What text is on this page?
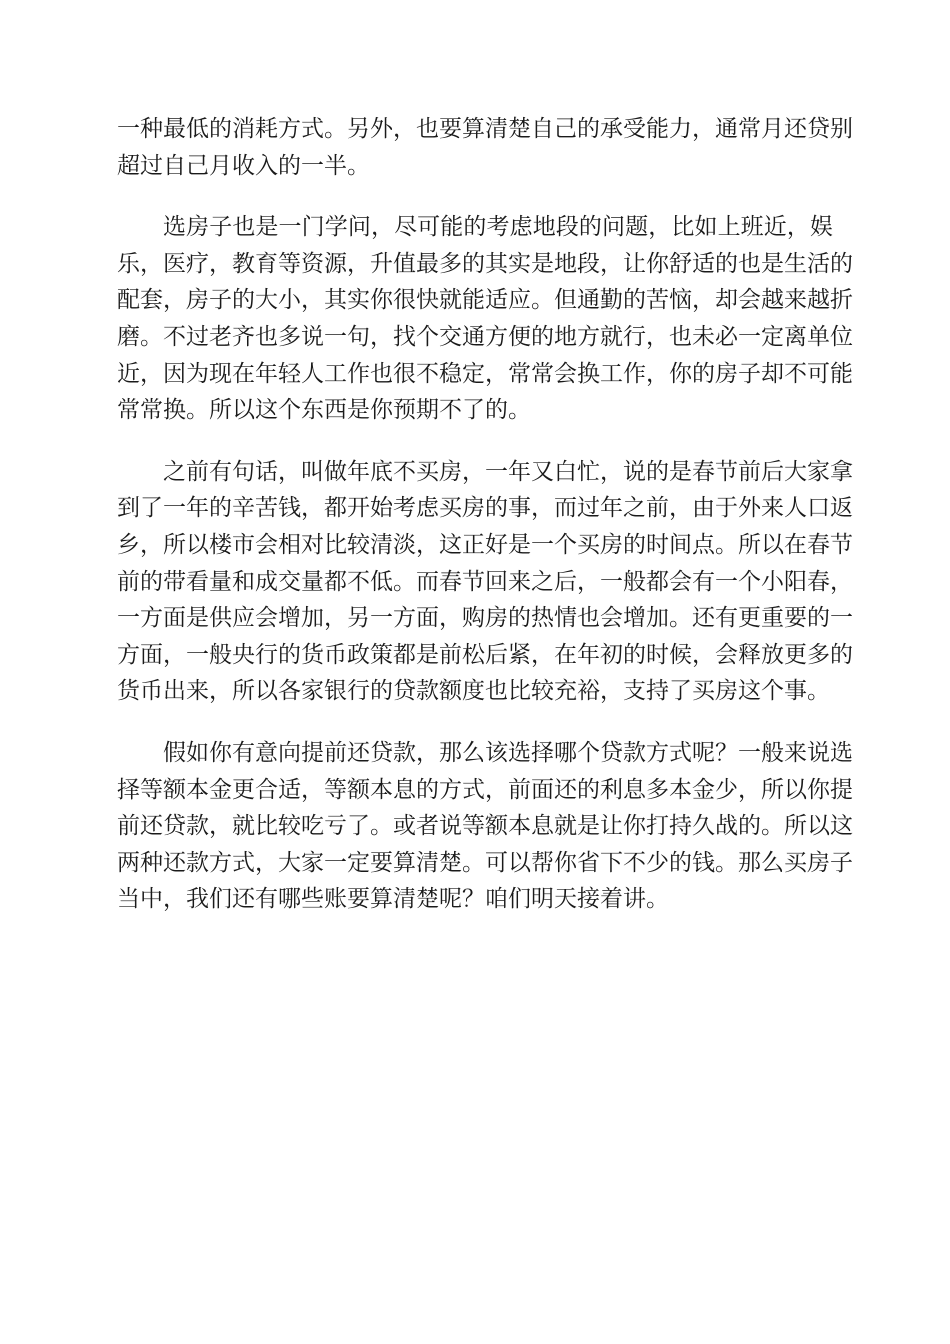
一种最低的消耗方式。另外，也要算清楚自己的承受能力，通常月还贷别
超过自己月收入的一半。
选房子也是一门学问，尽可能的考虑地段的问题，比如上班近，娱
乐，医疗，教育等资源，升值最多的其实是地段，让你舒适的也是生活的
配套，房子的大小，其实你很快就能适应。但通勤的苦恼，却会越来越折
磨。不过老齐也多说一句，找个交通方便的地方就行，也未必一定离单位
近，因为现在年轻人工作也很不稳定，常常会换工作，你的房子却不可能
常常换。所以这个东西是你预期不了的。
之前有句话，叫做年底不买房，一年又白忙，说的是春节前后大家拿
到了一年的辛苦钱，都开始考虑买房的事，而过年之前，由于外来人口返
乡，所以楼市会相对比较清淡，这正好是一个买房的时间点。所以在春节
前的带看量和成交量都不低。而春节回来之后，一般都会有一个小阳春，
一方面是供应会增加，另一方面，购房的热情也会增加。还有更重要的一
方面，一般央行的货币政策都是前松后紧，在年初的时候，会释放更多的
货币出来，所以各家银行的贷款额度也比较充裕，支持了买房这个事。
假如你有意向提前还贷款，那么该选择哪个贷款方式呢？一般来说选
择等额本金更合适，等额本息的方式，前面还的利息多本金少，所以你提
前还贷款，就比较吃亏了。或者说等额本息就是让你打持久战的。所以这
两种还款方式，大家一定要算清楚。可以帮你省下不少的钱。那么买房子
当中，我们还有哪些账要算清楚呢？咱们明天接着讲。
